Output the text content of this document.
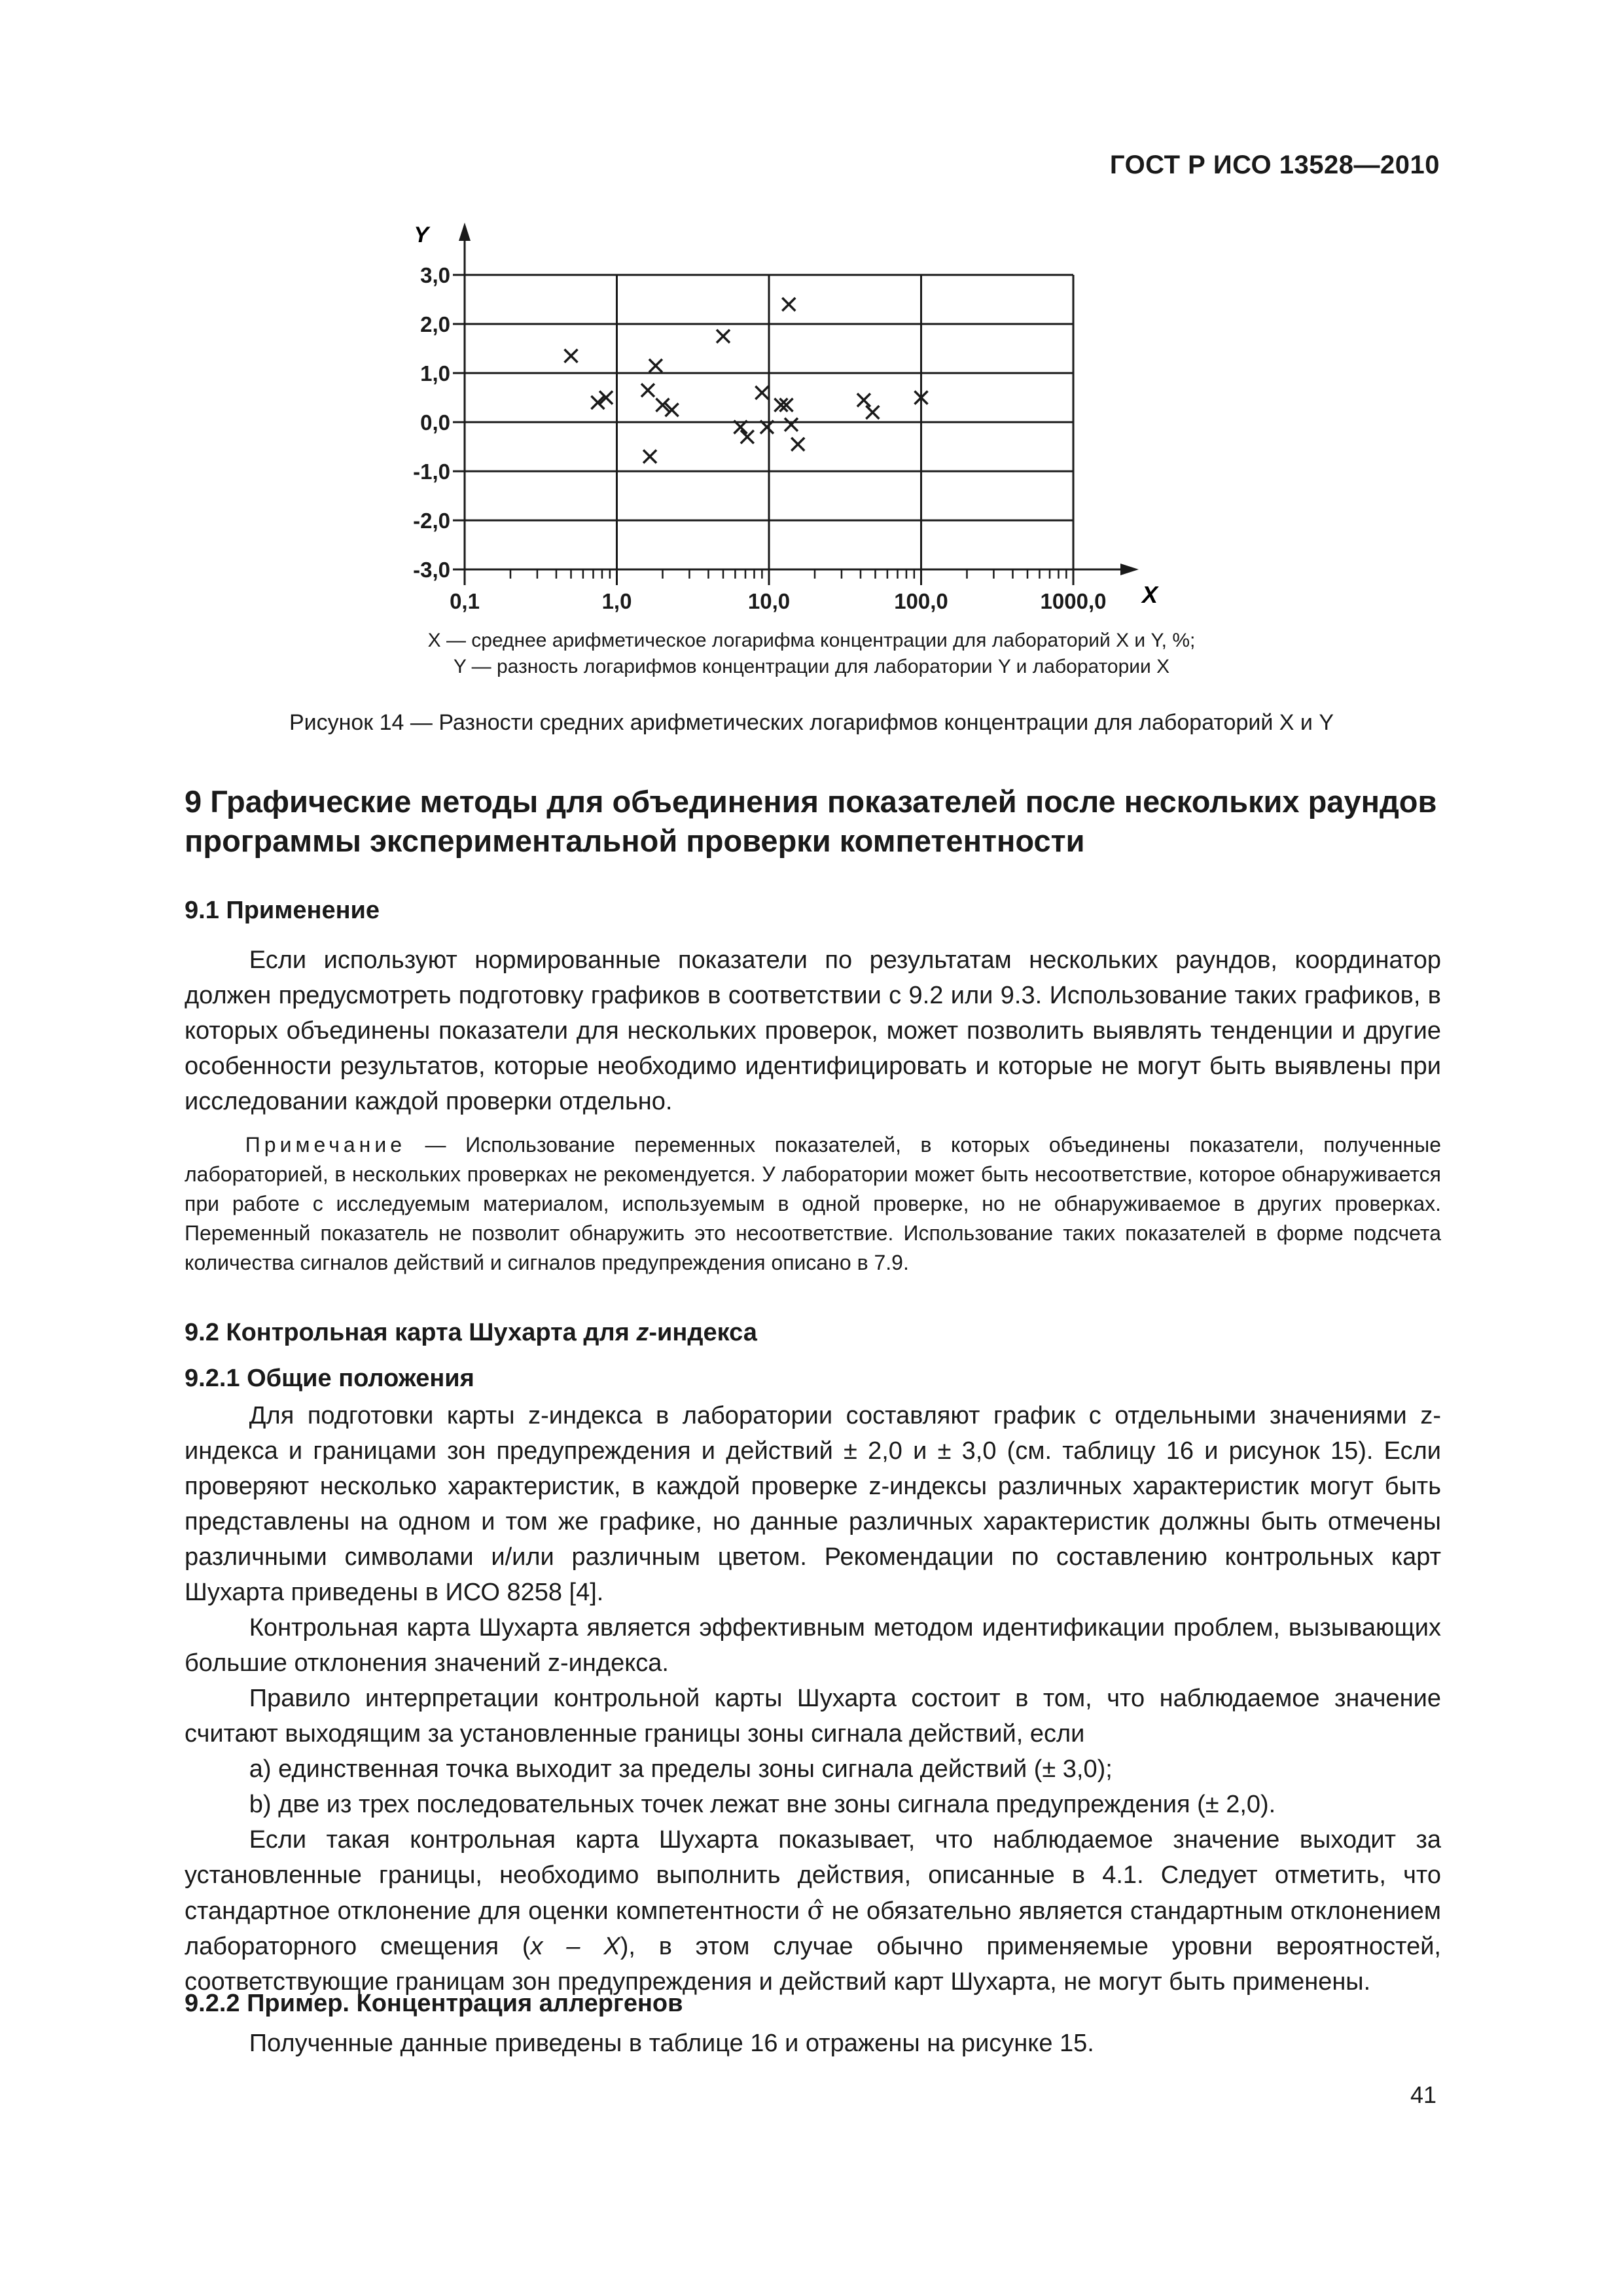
ГОСТ Р ИСО 13528—2010
3,0
2,0
1,0
0,0
-1,0
-2,0
-3,0
0,1	1,0	10,0	100,0	1000,0 X
Y
X — среднее арифметическое логарифма концентрации для лабораторий X и Y, %;
Y — разность логарифмов концентрации для лаборатории Y и лаборатории X
Рисунок 14 — Разности средних арифметических логарифмов концентрации для лабораторий X и Y
9 Графические методы для объединения показателей после нескольких раундов программы экспериментальной проверки компетентности
9.1 Применение

Если используют нормированные показатели по результатам нескольких раундов, координатор должен предусмотреть подготовку графиков в соответствии с 9.2 или 9.3. Использование таких графиков, в которых объединены показатели для нескольких проверок, может позволить выявлять тенденции и другие особенности результатов, которые необходимо идентифицировать и которые не могут быть выявлены при исследовании каждой проверки отдельно.

Примечание — Использование переменных показателей, в которых объединены показатели, полученные лабораторией, в нескольких проверках не рекомендуется. У лаборатории может быть несоответствие, которое обнаруживается при работе с исследуемым материалом, используемым в одной проверке, но не обнаруживаемое в других проверках. Переменный показатель не позволит обнаружить это несоответствие. Использование таких показателей в форме подсчета количества сигналов действий и сигналов предупреждения описано в 7.9.

9.2 Контрольная карта Шухарта для z-индекса
9.2.1 Общие положения

Для подготовки карты z-индекса в лаборатории составляют график с отдельными значениями z-индекса и границами зон предупреждения и действий ± 2,0 и ± 3,0 (см. таблицу 16 и рисунок 15). Если проверяют несколько характеристик, в каждой проверке z-индексы различных характеристик могут быть представлены на одном и том же графике, но данные различных характеристик должны быть отмечены различными символами и/или различным цветом. Рекомендации по составлению контрольных карт Шухарта приведены в ИСО 8258 [4].

Контрольная карта Шухарта является эффективным методом идентификации проблем, вызывающих большие отклонения значений z-индекса.

Правило интерпретации контрольной карты Шухарта состоит в том, что наблюдаемое значение считают выходящим за установленные границы зоны сигнала действий, если

a) единственная точка выходит за пределы зоны сигнала действий (± 3,0);

b) две из трех последовательных точек лежат вне зоны сигнала предупреждения (± 2,0).

Если такая контрольная карта Шухарта показывает, что наблюдаемое значение выходит за установленные границы, необходимо выполнить действия, описанные в 4.1. Следует отметить, что стандартное отклонение для оценки компетентности σ̂ не обязательно является стандартным отклонением лабораторного смещения (x – X), в этом случае обычно применяемые уровни вероятностей, соответствующие границам зон предупреждения и действий карт Шухарта, не могут быть применены.

9.2.2 Пример. Концентрация аллергенов

Полученные данные приведены в таблице 16 и отражены на рисунке 15.

41
